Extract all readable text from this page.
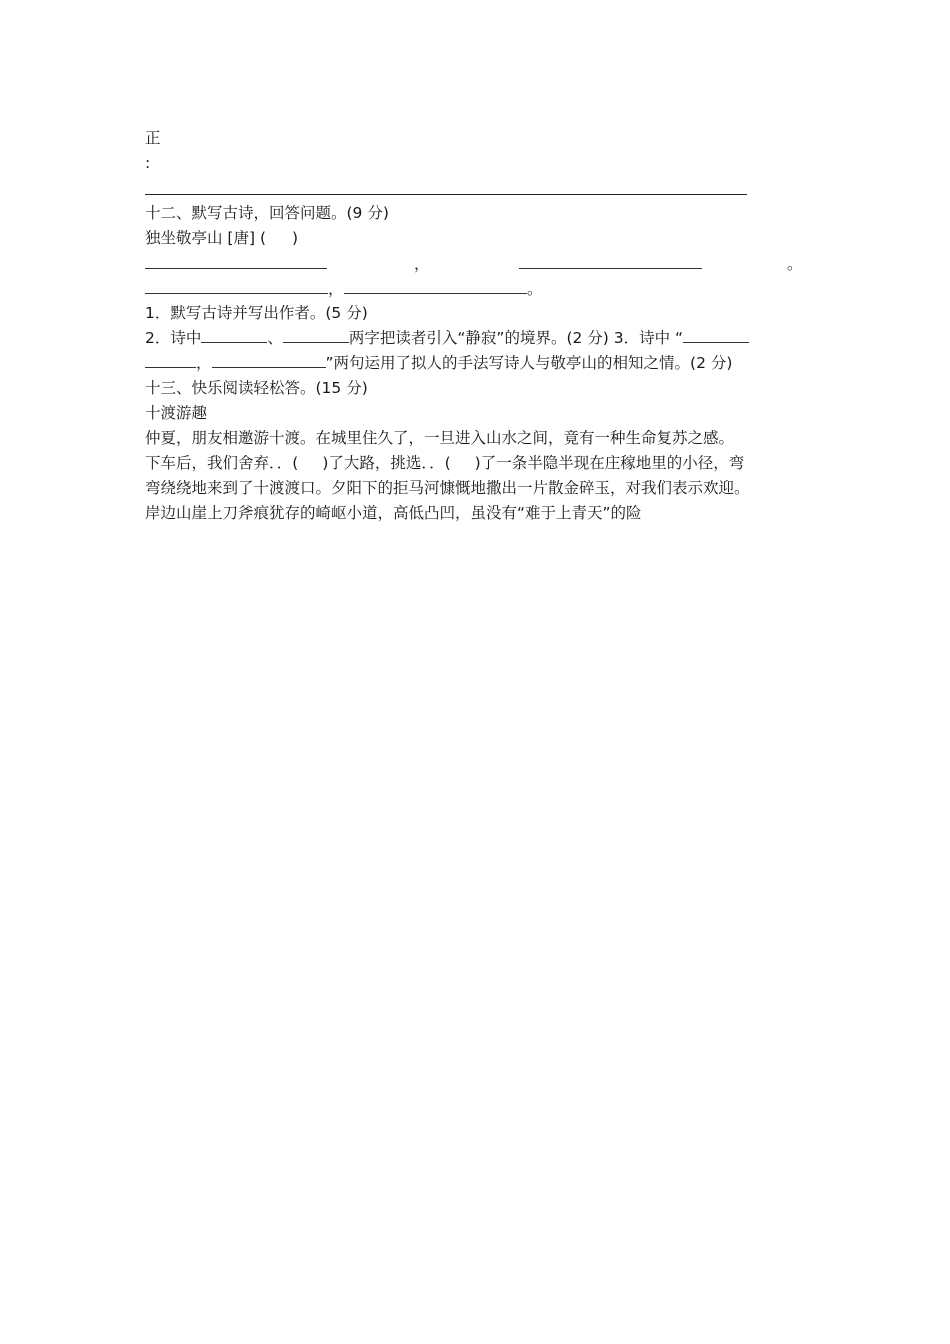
正
:
十二、默写古诗，回答问题。(9 分)
独坐敬亭山 [唐] ( )
，	。
，	。
1．默写古诗并写出作者。(5 分)
2．诗中	、	两字把读者引入“静寂”的境界。(2 分) 3．诗中 “
，	”两句运用了拟人的手法写诗人与敬亭山的相知之情。(2 分)
十三、快乐阅读轻松答。(15 分)
十渡游趣
仲夏，朋友相邀游十渡。在城里住久了，一旦进入山水之间，竟有一种生命复苏之感。
下车后，我们舍弃．．( )了大路，挑选．．( )了一条半隐半现在庄稼地里的小径，弯
弯绕绕地来到了十渡渡口。夕阳下的拒马河慷慨地撒出一片散金碎玉，对我们表示欢迎。
岸边山崖上刀斧痕犹存的崎岖小道，高低凸凹，虽没有“难于上青天”的险
